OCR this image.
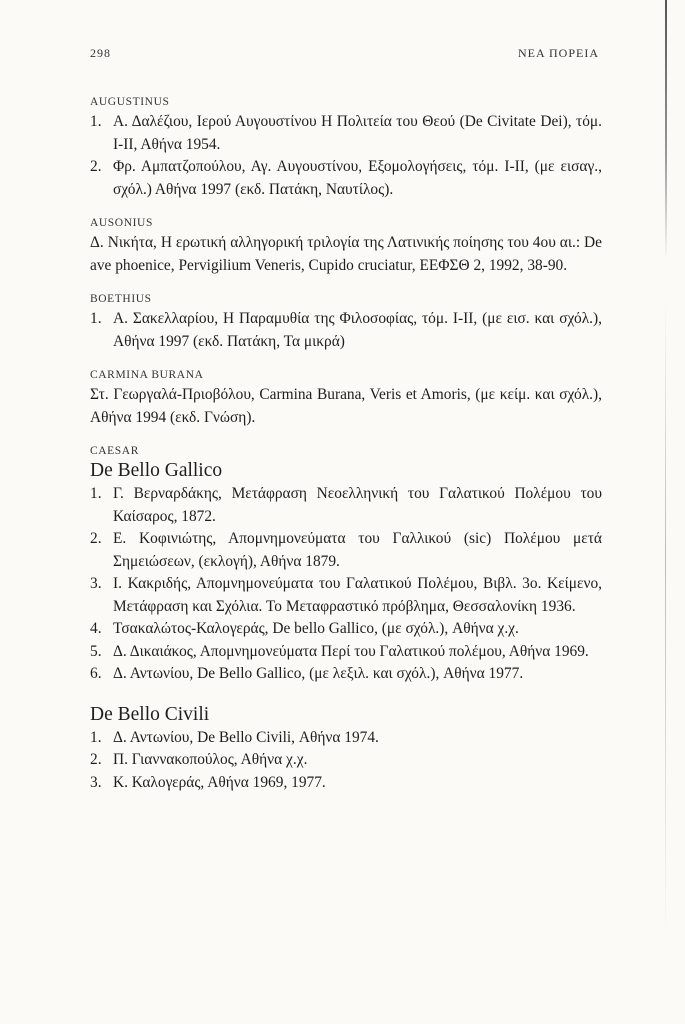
298	ΝΕΑ ΠΟΡΕΙΑ
AUGUSTINUS
1. Α. Δαλέζιου, Ιερού Αυγουστίνου Η Πολιτεία του Θεού (De Civitate Dei), τόμ. Ι-ΙΙ, Αθήνα 1954.
2. Φρ. Αμπατζοπούλου, Αγ. Αυγουστίνου, Εξομολογήσεις, τόμ. Ι-ΙΙ, (με εισαγ., σχόλ.) Αθήνα 1997 (εκδ. Πατάκη, Ναυτίλος).
AUSONIUS
Δ. Νικήτα, Η ερωτική αλληγορική τριλογία της Λατινικής ποίησης του 4ου αι.: De ave phoenice, Pervigilium Veneris, Cupido cruciatur, ΕΕΦΣΘ 2, 1992, 38-90.
BOETHIUS
1. Α. Σακελλαρίου, Η Παραμυθία της Φιλοσοφίας, τόμ. Ι-ΙΙ, (με εισ. και σχόλ.), Αθήνα 1997 (εκδ. Πατάκη, Τα μικρά)
CARMINA BURANA
Στ. Γεωργαλά-Πριοβόλου, Carmina Burana, Veris et Amoris, (με κείμ. και σχόλ.), Αθήνα 1994 (εκδ. Γνώση).
CAESAR
De Bello Gallico
1. Γ. Βερναρδάκης, Μετάφραση Νεοελληνική του Γαλατικού Πολέμου του Καίσαρος, 1872.
2. Ε. Κοφινιώτης, Απομνημονεύματα του Γαλλικού (sic) Πολέμου μετά Σημειώσεων, (εκλογή), Αθήνα 1879.
3. Ι. Κακριδής, Απομνημονεύματα του Γαλατικού Πολέμου, Βιβλ. 3ο. Κείμενο, Μετάφραση και Σχόλια. Το Μεταφραστικό πρόβλημα, Θεσσαλονίκη 1936.
4. Τσακαλώτος-Καλογεράς, De bello Gallico, (με σχόλ.), Αθήνα χ.χ.
5. Δ. Δικαιάκος, Απομνημονεύματα Περί του Γαλατικού πολέμου, Αθήνα 1969.
6. Δ. Αντωνίου, De Bello Gallico, (με λεξιλ. και σχόλ.), Αθήνα 1977.
De Bello Civili
1. Δ. Αντωνίου, De Bello Civili, Αθήνα 1974.
2. Π. Γιαννακοπούλος, Αθήνα χ.χ.
3. Κ. Καλογεράς, Αθήνα 1969, 1977.
